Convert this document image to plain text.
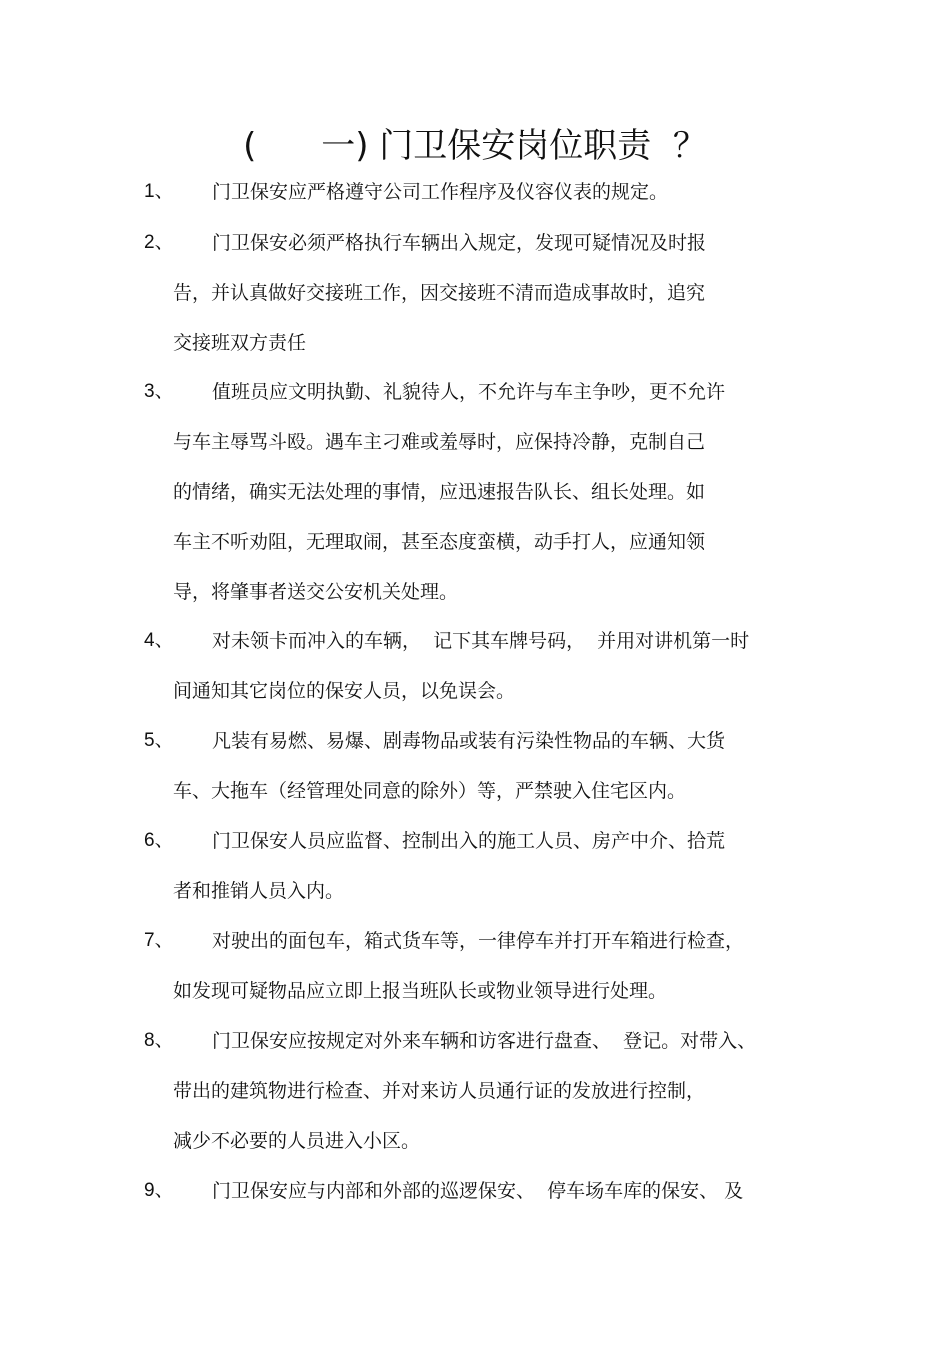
(      一) 门卫保安岗位职责  ？
1、 门卫保安应严格遵守公司工作程序及仪容仪表的规定。
2、 门卫保安必须严格执行车辆出入规定，发现可疑情况及时报
告，并认真做好交接班工作，因交接班不清而造成事故时，追究
交接班双方责任
3、 值班员应文明执勤、礼貌待人，不允许与车主争吵，更不允许
与车主辱骂斗殴。遇车主刁难或羞辱时，应保持冷静，克制自己
的情绪，确实无法处理的事情，应迅速报告队长、组长处理。如
车主不听劝阻，无理取闹，甚至态度蛮横，动手打人，应通知领
导，将肇事者送交公安机关处理。
4、 对未领卡而冲入的车辆，  记下其车牌号码，  并用对讲机第一时
间通知其它岗位的保安人员，以免误会。
5、 凡装有易燃、易爆、剧毒物品或装有污染性物品的车辆、大货
车、大拖车（经管理处同意的除外）等，严禁驶入住宅区内。
6、 门卫保安人员应监督、控制出入的施工人员、房产中介、拾荒
者和推销人员入内。
7、 对驶出的面包车，箱式货车等，一律停车并打开车箱进行检查，
如发现可疑物品应立即上报当班队长或物业领导进行处理。
8、 门卫保安应按规定对外来车辆和访客进行盘查、  登记。对带入、
带出的建筑物进行检查、并对来访人员通行证的发放进行控制，
减少不必要的人员进入小区。
9、 门卫保安应与内部和外部的巡逻保安、  停车场车库的保安、 及
